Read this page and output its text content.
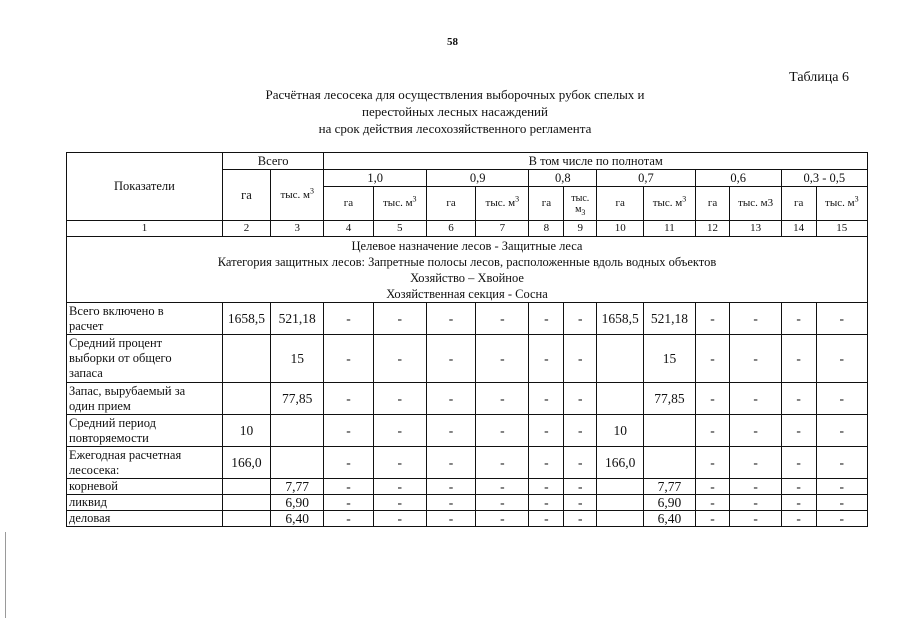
58
Таблица 6
Расчётная лесосека для осуществления выборочных рубок спелых и
перестойных лесных насаждений
на срок действия лесохозяйственного регламента
Показатели	Всего		В том числе по полнотам											
	га	тыс. $м^3$	1,0		0,9		0,8		0,7		0,6		0,3 - 0,5	
			га	тыс. $м^3$	га	тыс. $м^3$	га	тыс.
$м_3$	га	тыс. $м^3$	га	тыс. м3	га	тыс. $м^3$
1	2	3	4	5	6	7	8	9	10	11	12	13	14	15

Целевое назначение лесов - Защитные леса
Категория защитных лесов: Запретные полосы лесов, расположенные вдоль водных объектов
Хозяйство – Хвойное
Хозяйственная секция - Сосна														

Всего включено в
расчет	1658,5	521,18	-	-	-	-	-	-	1658,5	521,18	-	-	-	-
Средний процент
выборки от общего
запаса		15	-	-	-	-	-	-		15	-	-	-	-
Запас, вырубаемый за
один прием		77,85	-	-	-	-	-	-		77,85	-	-	-	-
Средний период
повторяемости	10		-	-	-	-	-	-	10		-	-	-	-
Ежегодная расчетная
лесосека:	166,0		-	-	-	-	-	-	166,0		-	-	-	-
корневой		7,77	-	-	-	-	-	-		7,77	-	-	-	-
ликвид		6,90	-	-	-	-	-	-		6,90	-	-	-	-
деловая		6,40	-	-	-	-	-	-		6,40	-	-	-	-
